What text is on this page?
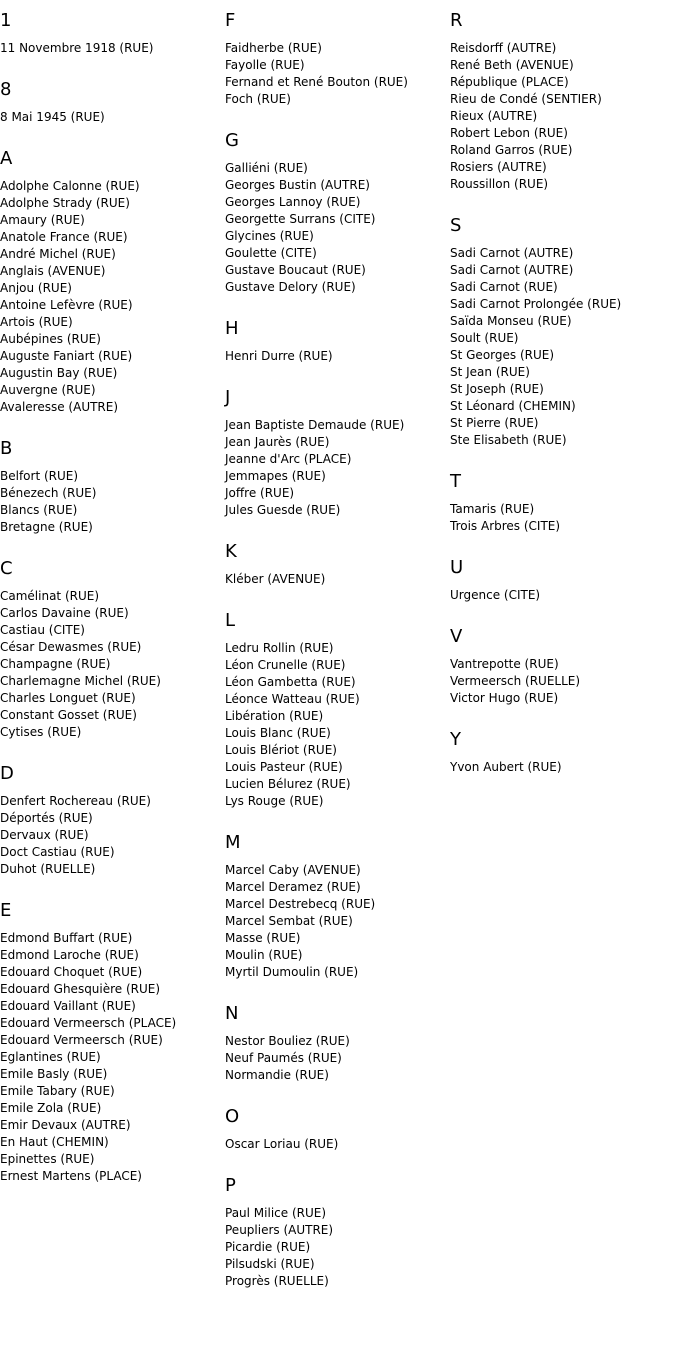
1
11 Novembre 1918 (RUE)
8
8 Mai 1945 (RUE)
A
Adolphe Calonne (RUE)
Adolphe Strady (RUE)
Amaury (RUE)
Anatole France (RUE)
André Michel (RUE)
Anglais (AVENUE)
Anjou (RUE)
Antoine Lefèvre (RUE)
Artois (RUE)
Aubépines (RUE)
Auguste Faniart (RUE)
Augustin Bay (RUE)
Auvergne (RUE)
Avaleresse (AUTRE)
B
Belfort (RUE)
Bénezech (RUE)
Blancs (RUE)
Bretagne (RUE)
C
Camélinat (RUE)
Carlos Davaine (RUE)
Castiau (CITE)
César Dewasmes (RUE)
Champagne (RUE)
Charlemagne Michel (RUE)
Charles Longuet (RUE)
Constant Gosset (RUE)
Cytises (RUE)
D
Denfert Rochereau (RUE)
Déportés (RUE)
Dervaux (RUE)
Doct Castiau (RUE)
Duhot (RUELLE)
E
Edmond Buffart (RUE)
Edmond Laroche (RUE)
Edouard Choquet (RUE)
Edouard Ghesquière (RUE)
Edouard Vaillant (RUE)
Edouard Vermeersch (PLACE)
Edouard Vermeersch (RUE)
Eglantines (RUE)
Emile Basly (RUE)
Emile Tabary (RUE)
Emile Zola (RUE)
Emir Devaux (AUTRE)
En Haut (CHEMIN)
Epinettes (RUE)
Ernest Martens (PLACE)
F
Faidherbe (RUE)
Fayolle (RUE)
Fernand et René Bouton (RUE)
Foch (RUE)
G
Galliéni (RUE)
Georges Bustin (AUTRE)
Georges Lannoy (RUE)
Georgette Surrans (CITE)
Glycines (RUE)
Goulette (CITE)
Gustave Boucaut (RUE)
Gustave Delory (RUE)
H
Henri Durre (RUE)
J
Jean Baptiste Demaude (RUE)
Jean Jaurès (RUE)
Jeanne d'Arc (PLACE)
Jemmapes (RUE)
Joffre (RUE)
Jules Guesde (RUE)
K
Kléber (AVENUE)
L
Ledru Rollin (RUE)
Léon Crunelle (RUE)
Léon Gambetta (RUE)
Léonce Watteau (RUE)
Libération (RUE)
Louis Blanc (RUE)
Louis Blériot (RUE)
Louis Pasteur (RUE)
Lucien Bélurez (RUE)
Lys Rouge (RUE)
M
Marcel Caby (AVENUE)
Marcel Deramez (RUE)
Marcel Destrebecq (RUE)
Marcel Sembat (RUE)
Masse (RUE)
Moulin (RUE)
Myrtil Dumoulin (RUE)
N
Nestor Bouliez (RUE)
Neuf Paumés (RUE)
Normandie (RUE)
O
Oscar Loriau (RUE)
P
Paul Milice (RUE)
Peupliers (AUTRE)
Picardie (RUE)
Pilsudski (RUE)
Progrès (RUELLE)
R
Reisdorff (AUTRE)
René Beth (AVENUE)
République (PLACE)
Rieu de Condé (SENTIER)
Rieux (AUTRE)
Robert Lebon (RUE)
Roland Garros (RUE)
Rosiers (AUTRE)
Roussillon (RUE)
S
Sadi Carnot (AUTRE)
Sadi Carnot (AUTRE)
Sadi Carnot (RUE)
Sadi Carnot Prolongée (RUE)
Saïda Monseu (RUE)
Soult (RUE)
St Georges (RUE)
St Jean (RUE)
St Joseph (RUE)
St Léonard (CHEMIN)
St Pierre (RUE)
Ste Elisabeth (RUE)
T
Tamaris (RUE)
Trois Arbres (CITE)
U
Urgence (CITE)
V
Vantrepotte (RUE)
Vermeersch (RUELLE)
Victor Hugo (RUE)
Y
Yvon Aubert (RUE)
